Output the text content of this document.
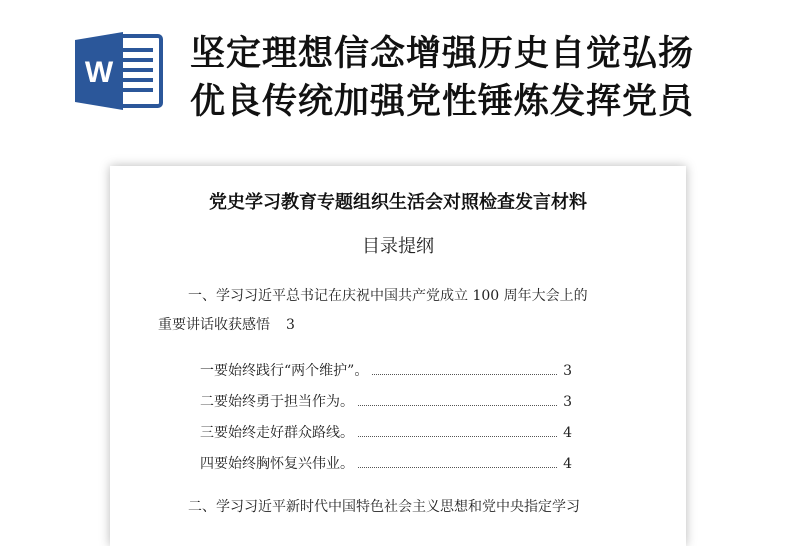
W 坚定理想信念增强历史自觉弘扬
优良传统加强党性锤炼发挥党员
党史学习教育专题组织生活会对照检查发言材料
目录提纲
一、学习习近平总书记在庆祝中国共产党成立 100 周年大会上的
重要讲话收获感悟 3
一要始终践行“两个维护”。	3
二要始终勇于担当作为。	3
三要始终走好群众路线。	4
四要始终胸怀复兴伟业。	4
二、学习习近平新时代中国特色社会主义思想和党中央指定学习
